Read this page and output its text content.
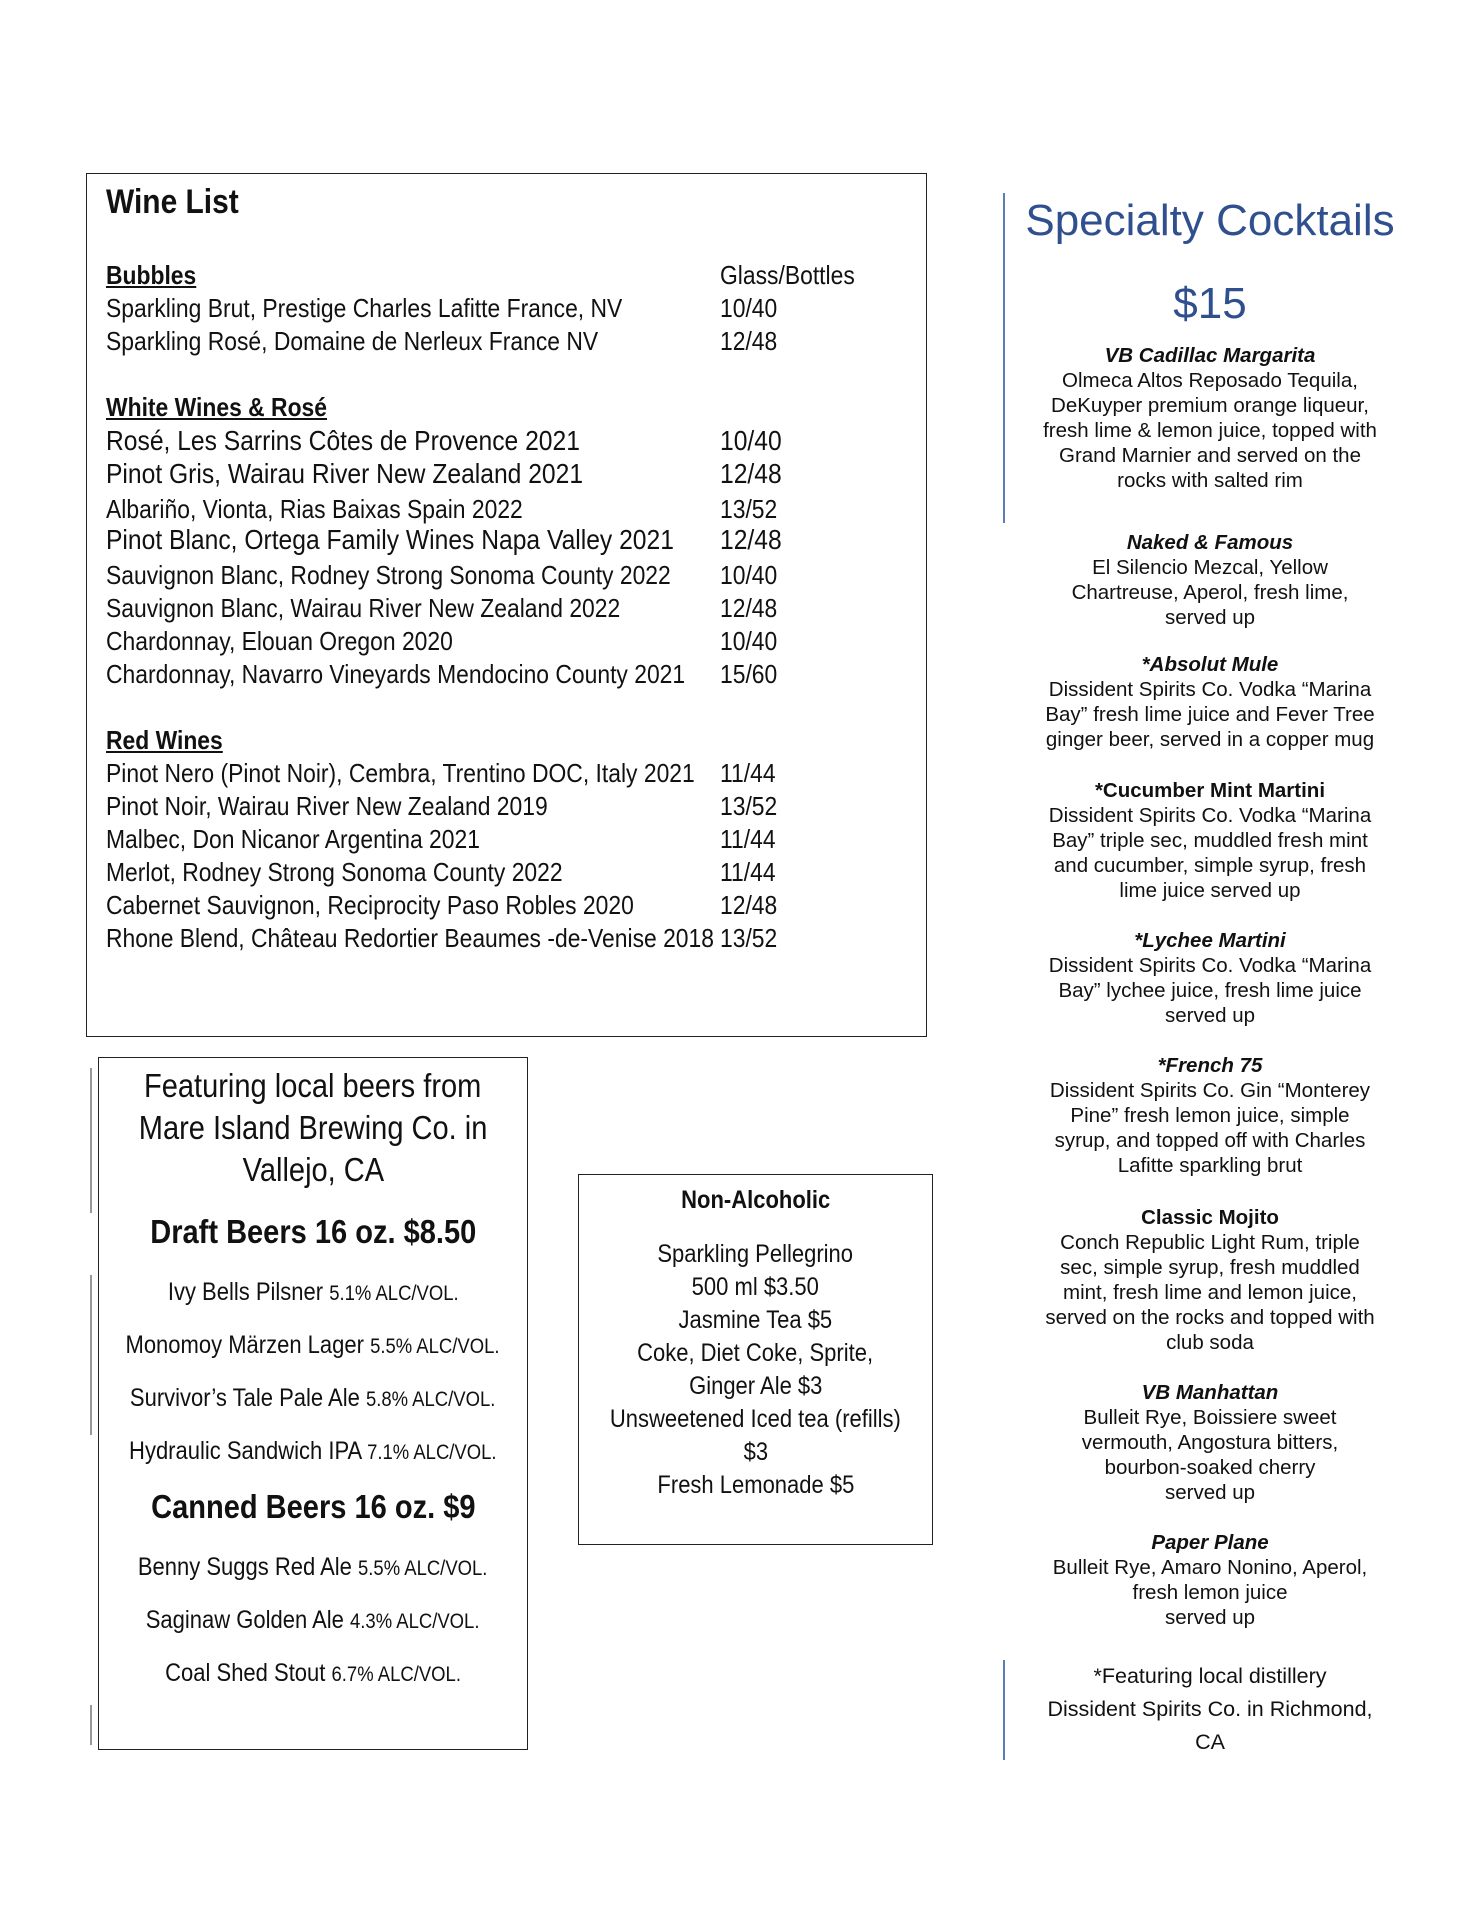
Wine List
Bubbles	Glass/Bottles
Sparkling Brut, Prestige Charles Lafitte France, NV	10/40
Sparkling Rosé, Domaine de Nerleux France NV	12/48
White Wines & Rosé
Rosé, Les Sarrins Côtes de Provence 2021	10/40
Pinot Gris, Wairau River New Zealand 2021	12/48
Albariño, Vionta, Rias Baixas Spain 2022	13/52
Pinot Blanc, Ortega Family Wines Napa Valley 2021 12/48
Sauvignon Blanc, Rodney Strong Sonoma County 2022 10/40
Sauvignon Blanc, Wairau River New Zealand 2022	12/48
Chardonnay, Elouan Oregon 2020	10/40
Chardonnay, Navarro Vineyards Mendocino County 2021 15/60
Red Wines
Pinot Nero (Pinot Noir), Cembra, Trentino DOC, Italy 2021 11/44
Pinot Noir, Wairau River New Zealand 2019	13/52
Malbec, Don Nicanor Argentina 2021	11/44
Merlot, Rodney Strong Sonoma County 2022	11/44
Cabernet Sauvignon, Reciprocity Paso Robles 2020	12/48
Rhone Blend, Château Redortier Beaumes -de-Venise 2018 13/52
Featuring local beers from
Mare Island Brewing Co. in
Vallejo, CA
Draft Beers 16 oz. $8.50
Ivy Bells Pilsner 5.1% ALC/VOL.
Monomoy Märzen Lager 5.5% ALC/VOL.
Survivor’s Tale Pale Ale 5.8% ALC/VOL.
Hydraulic Sandwich IPA 7.1% ALC/VOL.
Canned Beers 16 oz. $9
Benny Suggs Red Ale 5.5% ALC/VOL.
Saginaw Golden Ale 4.3% ALC/VOL.
Coal Shed Stout 6.7% ALC/VOL.
Non-Alcoholic
Sparkling Pellegrino
500 ml $3.50
Jasmine Tea $5
Coke, Diet Coke, Sprite,
Ginger Ale $3
Unsweetened Iced tea (refills)
$3
Fresh Lemonade $5
Specialty Cocktails
$15
VB Cadillac Margarita
Olmeca Altos Reposado Tequila,
DeKuyper premium orange liqueur,
fresh lime & lemon juice, topped with
Grand Marnier and served on the
rocks with salted rim
Naked & Famous
El Silencio Mezcal, Yellow
Chartreuse, Aperol, fresh lime,
served up
*Absolut Mule
Dissident Spirits Co. Vodka “Marina
Bay” fresh lime juice and Fever Tree
ginger beer, served in a copper mug
*Cucumber Mint Martini
Dissident Spirits Co. Vodka “Marina
Bay” triple sec, muddled fresh mint
and cucumber, simple syrup, fresh
lime juice served up
*Lychee Martini
Dissident Spirits Co. Vodka “Marina
Bay” lychee juice, fresh lime juice
served up
*French 75
Dissident Spirits Co. Gin “Monterey
Pine” fresh lemon juice, simple
syrup, and topped off with Charles
Lafitte sparkling brut
Classic Mojito
Conch Republic Light Rum, triple
sec, simple syrup, fresh muddled
mint, fresh lime and lemon juice,
served on the rocks and topped with
club soda
VB Manhattan
Bulleit Rye, Boissiere sweet
vermouth, Angostura bitters,
bourbon-soaked cherry
served up
Paper Plane
Bulleit Rye, Amaro Nonino, Aperol,
fresh lemon juice
served up
*Featuring local distillery
Dissident Spirits Co. in Richmond,
CA
